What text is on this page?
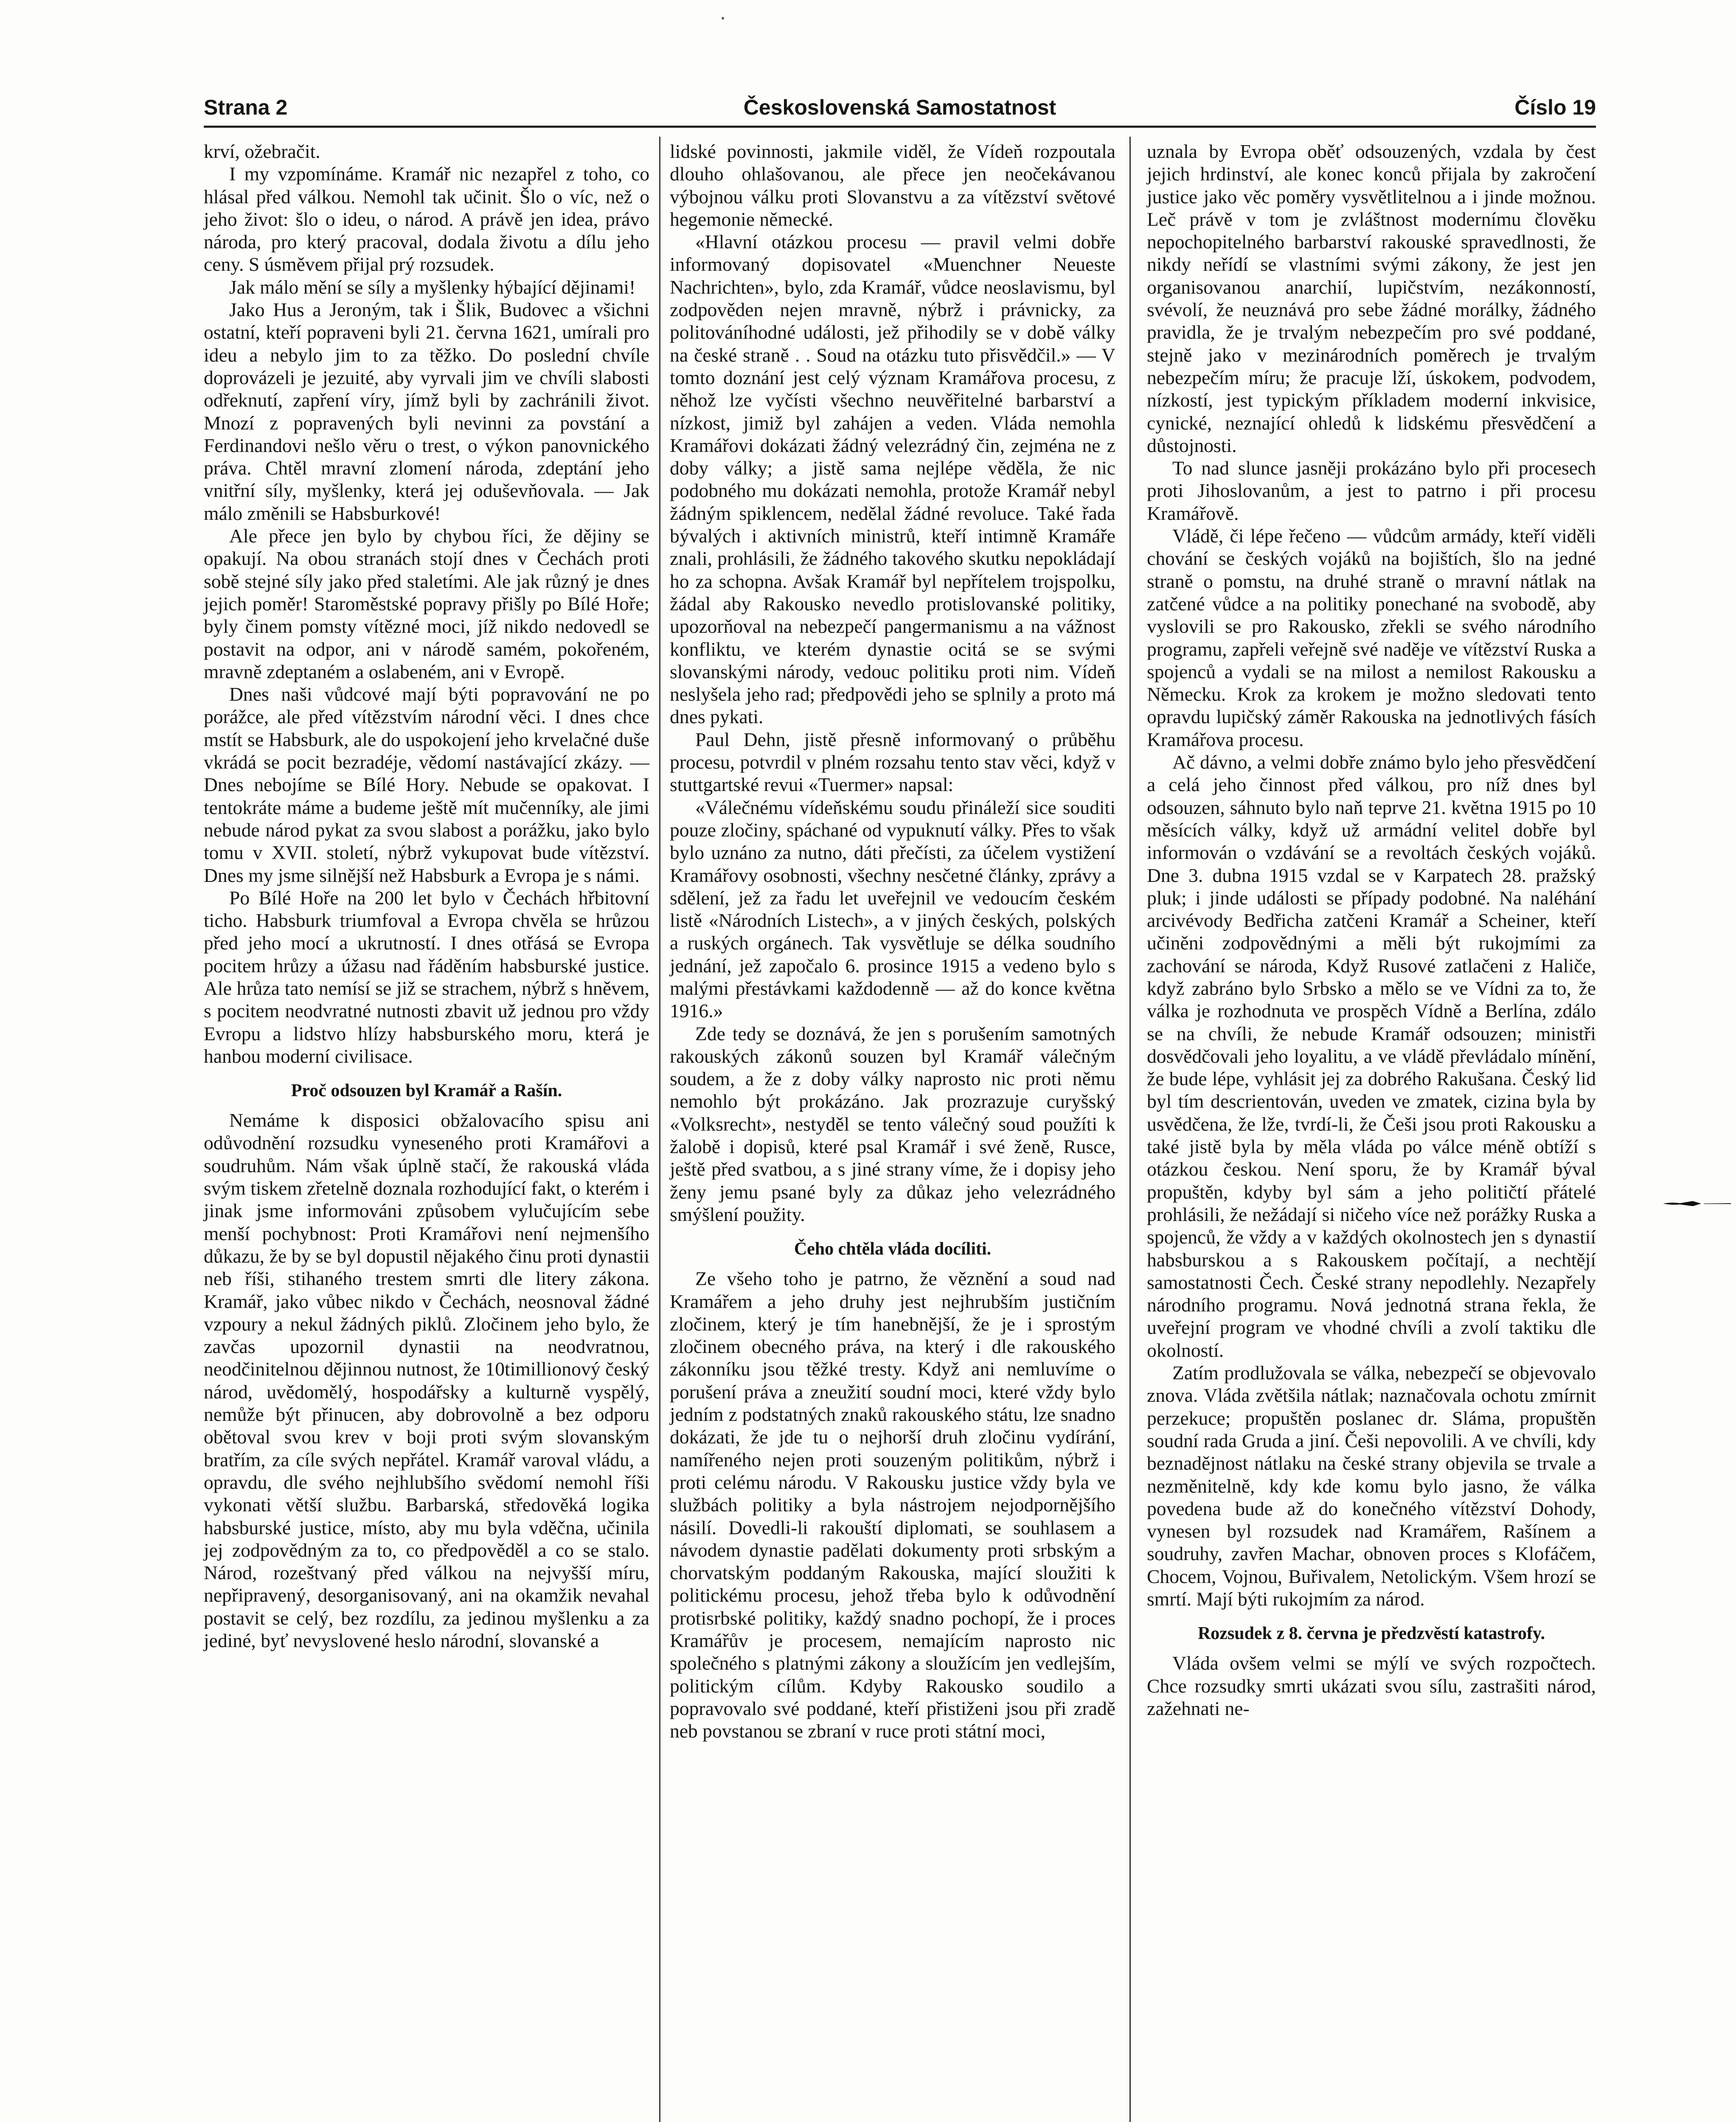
Strana 2	Československá Samostatnost	Číslo 19

krví, ožebračit.

I my vzpomínáme. Kramář nic nezapřel z toho, co hlásal před válkou. Nemohl tak učinit. Šlo o víc, než o jeho život: šlo o ideu, o národ. A právě jen idea, právo národa, pro který pracoval, dodala životu a dílu jeho ceny. S úsměvem přijal prý rozsudek.

Jak málo mění se síly a myšlenky hýbající dějinami!

Jako Hus a Jeroným, tak i Šlik, Budovec a všichni ostatní, kteří popraveni byli 21. června 1621, umírali pro ideu a nebylo jim to za těžko. Do poslední chvíle doprovázeli je jezuité, aby vyrvali jim ve chvíli slabosti odřeknutí, zapření víry, jímž byli by zachránili život. Mnozí z popravených byli nevinni za povstání a Ferdinandovi nešlo věru o trest, o výkon panovnického práva. Chtěl mravní zlomení národa, zdeptání jeho vnitřní síly, myšlenky, která jej oduševňovala. — Jak málo změnili se Habsburkové!

Ale přece jen bylo by chybou říci, že dějiny se opakují. Na obou stranách stojí dnes v Čechách proti sobě stejné síly jako před staletími. Ale jak různý je dnes jejich poměr! Staroměstské popravy přišly po Bílé Hoře; byly činem pomsty vítězné moci, jíž nikdo nedovedl se postavit na odpor, ani v národě samém, pokořeném, mravně zdeptaném a oslabeném, ani v Evropě.

Dnes naši vůdcové mají býti popravování ne po porážce, ale před vítězstvím národní věci. I dnes chce mstít se Habsburk, ale do uspokojení jeho krvelačné duše vkrádá se pocit bezradéje, vědomí nastávající zkázy. — Dnes nebojíme se Bílé Hory. Nebude se opakovat. I tentokráte máme a budeme ještě mít mučenníky, ale jimi nebude národ pykat za svou slabost a porážku, jako bylo tomu v XVII. století, nýbrž vykupovat bude vítězství. Dnes my jsme silnější než Habsburk a Evropa je s námi.

Po Bílé Hoře na 200 let bylo v Čechách hřbitovní ticho. Habsburk triumfoval a Evropa chvěla se hrůzou před jeho mocí a ukrutností. I dnes otřásá se Evropa pocitem hrůzy a úžasu nad řáděním habsburské justice. Ale hrůza tato nemísí se již se strachem, nýbrž s hněvem, s pocitem neodvratné nutnosti zbavit už jednou pro vždy Evropu a lidstvo hlízy habsburského moru, která je hanbou moderní civilisace.

Proč odsouzen byl Kramář a Rašín.

Nemáme k disposici obžalovacího spisu ani odůvodnění rozsudku vyneseného proti Kramářovi a soudruhům. Nám však úplně stačí, že rakouská vláda svým tiskem zřetelně doznala rozhodující fakt, o kterém i jinak jsme informováni způsobem vylučujícím sebe menší pochybnost: Proti Kramářovi není nejmenšího důkazu, že by se byl dopustil nějakého činu proti dynastii neb říši, stihaného trestem smrti dle litery zákona. Kramář, jako vůbec nikdo v Čechách, neosnoval žádné vzpoury a nekul žádných piklů. Zločinem jeho bylo, že zavčas upozornil dynastii na neodvratnou, neodčinitelnou dějinnou nutnost, že 10timillionový český národ, uvědomělý, hospodářsky a kulturně vyspělý, nemůže být přinucen, aby dobrovolně a bez odporu obětoval svou krev v boji proti svým slovanským bratřím, za cíle svých nepřátel. Kramář varoval vládu, a opravdu, dle svého nejhlubšího svědomí nemohl říši vykonati větší službu. Barbarská, středověká logika habsburské justice, místo, aby mu byla vděčna, učinila jej zodpovědným za to, co předpověděl a co se stalo. Národ, rozeštvaný před válkou na nejvyšší míru, nepřipravený, desorganisovaný, ani na okamžik nevahal postavit se celý, bez rozdílu, za jedinou myšlenku a za jediné, byť nevyslovené heslo národní, slovanské a

lidské povinnosti, jakmile viděl, že Vídeň rozpoutala dlouho ohlašovanou, ale přece jen neočekávanou výbojnou válku proti Slovanstvu a za vítězství světové hegemonie německé.

«Hlavní otázkou procesu — pravil velmi dobře informovaný dopisovatel «Muenchner Neueste Nachrichten», bylo, zda Kramář, vůdce neoslavismu, byl zodpověden nejen mravně, nýbrž i právnicky, za politováníhodné události, jež přihodily se v době války na české straně . . Soud na otázku tuto přisvědčil.» — V tomto doznání jest celý význam Kramářova procesu, z něhož lze vyčísti všechno neuvěřitelné barbarství a nízkost, jimiž byl zahájen a veden. Vláda nemohla Kramářovi dokázati žádný velezrádný čin, zejména ne z doby války; a jistě sama nejlépe věděla, že nic podobného mu dokázati nemohla, protože Kramář nebyl žádným spiklencem, nedělal žádné revoluce. Také řada bývalých i aktivních ministrů, kteří intimně Kramáře znali, prohlásili, že žádného takového skutku nepokládají ho za schopna. Avšak Kramář byl nepřítelem trojspolku, žádal aby Rakousko nevedlo protislovanské politiky, upozorňoval na nebezpečí pangermanismu a na vážnost konfliktu, ve kterém dynastie ocitá se se svými slovanskými národy, vedouc politiku proti nim. Vídeň neslyšela jeho rad; předpovědi jeho se splnily a proto má dnes pykati.

Paul Dehn, jistě přesně informovaný o průběhu procesu, potvrdil v plném rozsahu tento stav věci, když v stuttgartské revui «Tuermer» napsal:

«Válečnému vídeňskému soudu přináleží sice souditi pouze zločiny, spáchané od vypuknutí války. Přes to však bylo uznáno za nutno, dáti přečísti, za účelem vystižení Kramářovy osobnosti, všechny nesčetné články, zprávy a sdělení, jež za řadu let uveřejnil ve vedoucím českém listě «Národních Listech», a v jiných českých, polských a ruských orgánech. Tak vysvětluje se délka soudního jednání, jež započalo 6. prosince 1915 a vedeno bylo s malými přestávkami každodenně — až do konce května 1916.»

Zde tedy se doznává, že jen s porušením samotných rakouských zákonů souzen byl Kramář válečným soudem, a že z doby války naprosto nic proti němu nemohlo být prokázáno. Jak prozrazuje curyšský «Volksrecht», nestyděl se tento válečný soud použíti k žalobě i dopisů, které psal Kramář i své ženě, Rusce, ještě před svatbou, a s jiné strany víme, že i dopisy jeho ženy jemu psané byly za důkaz jeho velezrádného smýšlení použity.

Čeho chtěla vláda docíliti.

Ze všeho toho je patrno, že věznění a soud nad Kramářem a jeho druhy jest nejhrubším justičním zločinem, který je tím hanebnější, že je i sprostým zločinem obecného práva, na který i dle rakouského zákonníku jsou těžké tresty. Když ani nemluvíme o porušení práva a zneužití soudní moci, které vždy bylo jedním z podstatných znaků rakouského státu, lze snadno dokázati, že jde tu o nejhorší druh zločinu vydírání, namířeného nejen proti souzeným politikům, nýbrž i proti celému národu. V Rakousku justice vždy byla ve službách politiky a byla nástrojem nejodpornějšího násilí. Dovedli-li rakouští diplomati, se souhlasem a návodem dynastie padělati dokumenty proti srbským a chorvatským poddaným Rakouska, mající sloužiti k politickému procesu, jehož třeba bylo k odůvodnění protisrbské politiky, každý snadno pochopí, že i proces Kramářův je procesem, nemajícím naprosto nic společného s platnými zákony a sloužícím jen vedlejším, politickým cílům. Kdyby Rakousko soudilo a popravovalo své poddané, kteří přistiženi jsou při zradě neb povstanou se zbraní v ruce proti státní moci,

uznala by Evropa oběť odsouzených, vzdala by čest jejich hrdinství, ale konec konců přijala by zakročení justice jako věc poměry vysvětlitelnou a i jinde možnou. Leč právě v tom je zvláštnost modernímu člověku nepochopitelného barbarství rakouské spravedlnosti, že nikdy neřídí se vlastními svými zákony, že jest jen organisovanou anarchií, lupičstvím, nezákonností, svévolí, že neuznává pro sebe žádné morálky, žádného pravidla, že je trvalým nebezpečím pro své poddané, stejně jako v mezinárodních poměrech je trvalým nebezpečím míru; že pracuje lží, úskokem, podvodem, nízkostí, jest typickým příkladem moderní inkvisice, cynické, neznající ohledů k lidskému přesvědčení a důstojnosti.

To nad slunce jasněji prokázáno bylo při procesech proti Jihoslovanům, a jest to patrno i při procesu Kramářově.

Vládě, či lépe řečeno — vůdcům armády, kteří viděli chování se českých vojáků na bojištích, šlo na jedné straně o pomstu, na druhé straně o mravní nátlak na zatčené vůdce a na politiky ponechané na svobodě, aby vyslovili se pro Rakousko, zřekli se svého národního programu, zapřeli veřejně své naděje ve vítězství Ruska a spojenců a vydali se na milost a nemilost Rakousku a Německu. Krok za krokem je možno sledovati tento opravdu lupičský záměr Rakouska na jednotlivých fásích Kramářova procesu.

Ač dávno, a velmi dobře známo bylo jeho přesvědčení a celá jeho činnost před válkou, pro níž dnes byl odsouzen, sáhnuto bylo naň teprve 21. května 1915 po 10 měsících války, když už armádní velitel dobře byl informován o vzdávání se a revoltách českých vojáků. Dne 3. dubna 1915 vzdal se v Karpatech 28. pražský pluk; i jinde události se případy podobné. Na naléhání arcivévody Bedřicha zatčeni Kramář a Scheiner, kteří učiněni zodpovědnými a měli být rukojmími za zachování se národa, Když Rusové zatlačeni z Haliče, když zabráno bylo Srbsko a mělo se ve Vídni za to, že válka je rozhodnuta ve prospěch Vídně a Berlína, zdálo se na chvíli, že nebude Kramář odsouzen; ministři dosvědčovali jeho loyalitu, a ve vládě převládalo mínění, že bude lépe, vyhlásit jej za dobrého Rakušana. Český lid byl tím descrientován, uveden ve zmatek, cizina byla by usvědčena, že lže, tvrdí-li, že Češi jsou proti Rakousku a také jistě byla by měla vláda po válce méně obtíží s otázkou českou. Není sporu, že by Kramář býval propuštěn, kdyby byl sám a jeho političtí přátelé prohlásili, že nežádají si ničeho více než porážky Ruska a spojenců, že vždy a v každých okolnostech jen s dynastií habsburskou a s Rakouskem počítají, a nechtějí samostatnosti Čech. České strany nepodlehly. Nezapřely národního programu. Nová jednotná strana řekla, že uveřejní program ve vhodné chvíli a zvolí taktiku dle okolností.

Zatím prodlužovala se válka, nebezpečí se objevovalo znova. Vláda zvětšila nátlak; naznačovala ochotu zmírnit perzekuce; propuštěn poslanec dr. Sláma, propuštěn soudní rada Gruda a jiní. Češi nepovolili. A ve chvíli, kdy beznadějnost nátlaku na české strany objevila se trvale a nezměnitelně, kdy kde komu bylo jasno, že válka povedena bude až do konečného vítězství Dohody, vynesen byl rozsudek nad Kramářem, Rašínem a soudruhy, zavřen Machar, obnoven proces s Klofáčem, Chocem, Vojnou, Buřivalem, Netolickým. Všem hrozí se smrtí. Mají býti rukojmím za národ.

Rozsudek z 8. června je předzvěstí katastrofy.

Vláda ovšem velmi se mýlí ve svých rozpočtech. Chce rozsudky smrti ukázati svou sílu, zastrašiti národ, zažehnati ne-
